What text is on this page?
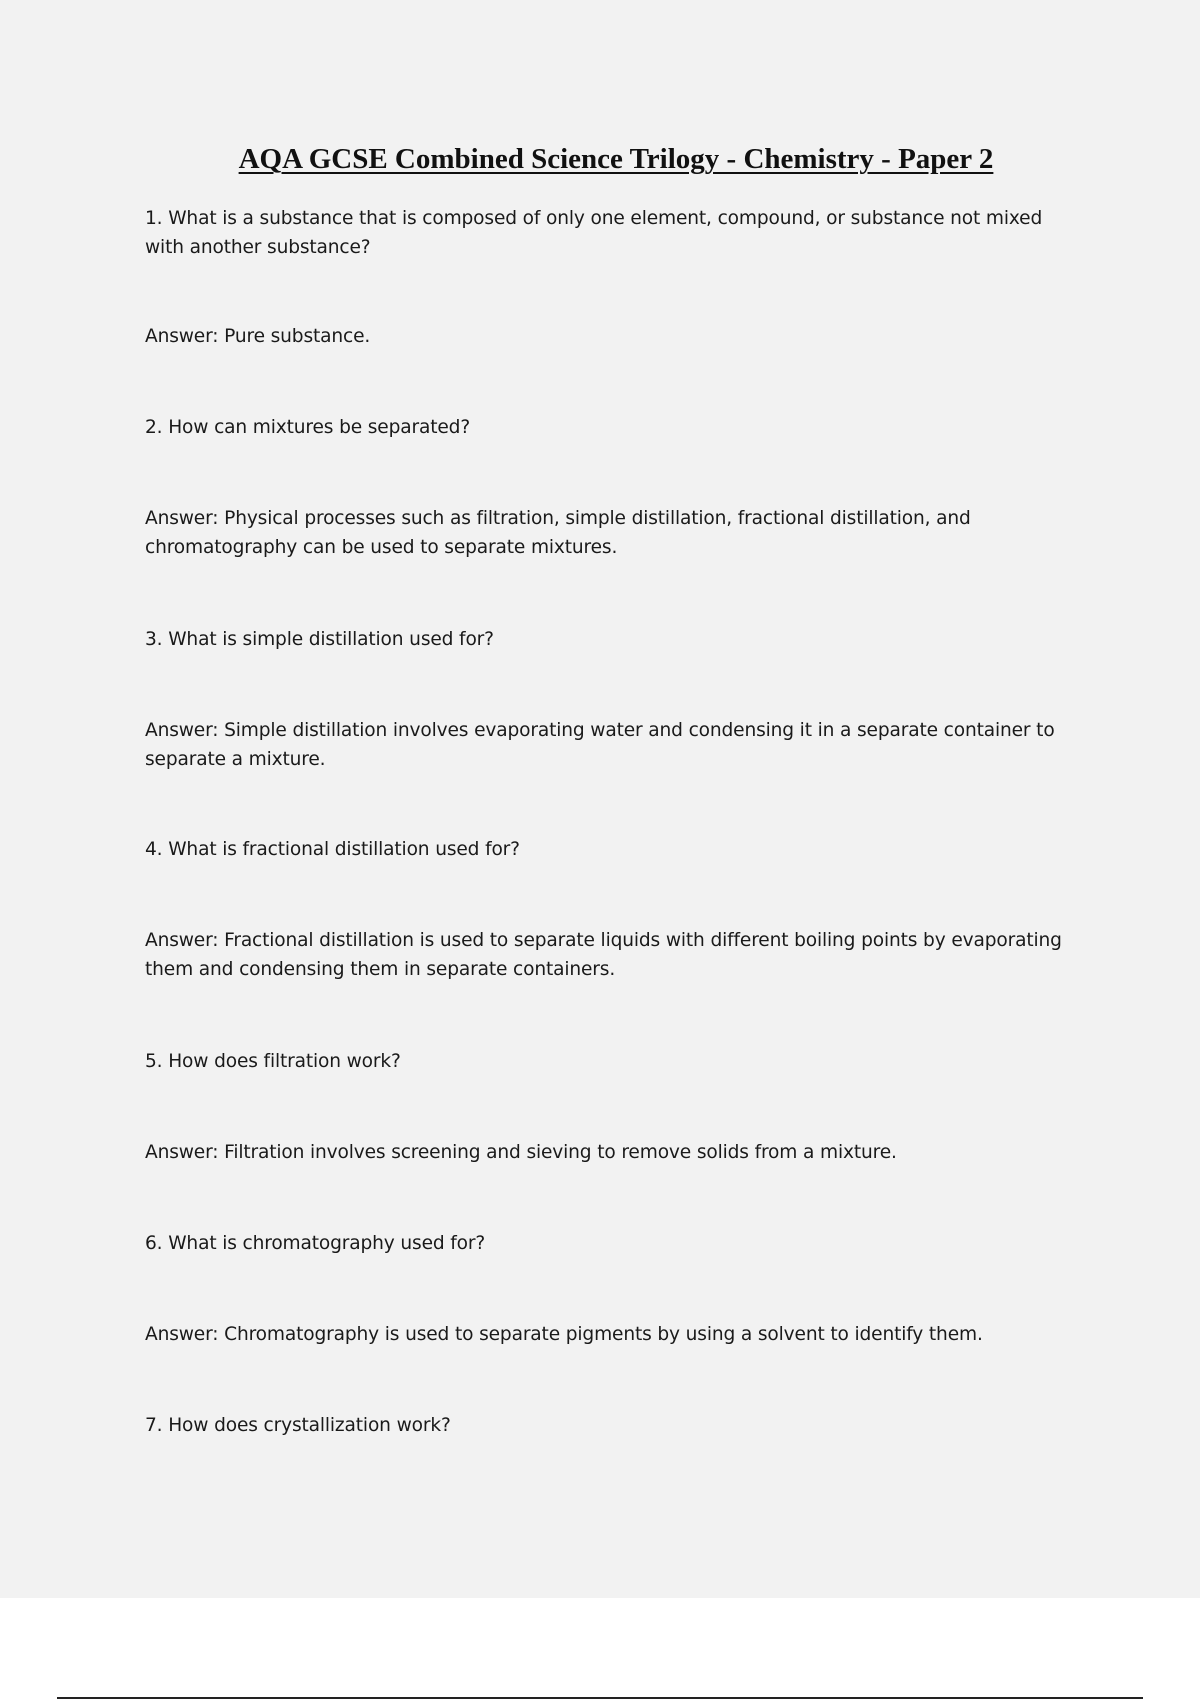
AQA GCSE Combined Science Trilogy - Chemistry - Paper 2

1. What is a substance that is composed of only one element, compound, or substance not mixed with another substance?

Answer: Pure substance.

2. How can mixtures be separated?

Answer: Physical processes such as filtration, simple distillation, fractional distillation, and chromatography can be used to separate mixtures.

3. What is simple distillation used for?

Answer: Simple distillation involves evaporating water and condensing it in a separate container to separate a mixture.

4. What is fractional distillation used for?

Answer: Fractional distillation is used to separate liquids with different boiling points by evaporating them and condensing them in separate containers.

5. How does filtration work?

Answer: Filtration involves screening and sieving to remove solids from a mixture.

6. What is chromatography used for?

Answer: Chromatography is used to separate pigments by using a solvent to identify them.

7. How does crystallization work?
